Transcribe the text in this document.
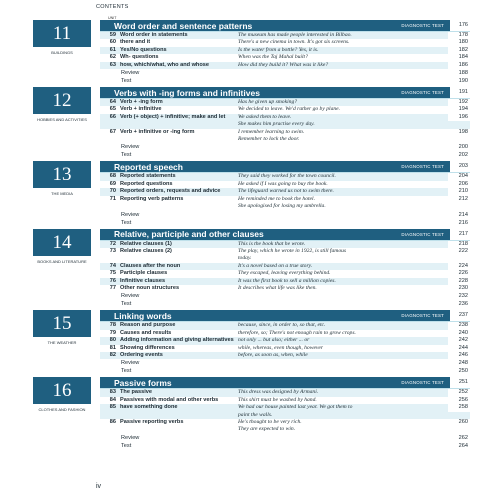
CONTENTS
UNIT
11
BUILDINGS
Word order and sentence patterns	DIAGNOSTIC TEST	176
59 Word order in statements	The museum has made people interested in Bilbao.	178
60 there and it	There's a new cinema in town. It's got six screens.	180
61 Yes/No questions	Is the water from a bottle? Yes, it is.	182
62 Wh- questions	When was the Taj Mahal built?	184
63 how, which/what, who and whose	How did they build it? What was it like?	186
Review	188
Test	190
12
HOBBIES AND ACTIVITIES
Verbs with -ing forms and infinitives	DIAGNOSTIC TEST	191
64 Verb + -ing form	Has he given up smoking?	192
65 Verb + infinitive	We decided to leave. We'd rather go by plane.	194
66 Verb (+ object) + infinitive; make and let	We asked them to leave.
She makes him practise every day.
196
67 Verb + infinitive or -ing form	I remember learning to swim.
Remember to lock the door.
198
Review	200
Test	202
13
THE MEDIA
Reported speech	DIAGNOSTIC TEST	203
68 Reported statements	They said they worked for the town council.	204
69 Reported questions	He asked if I was going to buy the book.	206
70 Reported orders, requests and advice	The lifeguard warned us not to swim there.	210
71 Reporting verb patterns	He reminded me to book the hotel.
She apologised for losing my umbrella.
212
Review	214
Test	216
14
BOOKS AND LITERATURE
Relative, participle and other clauses	DIAGNOSTIC TEST	217
72 Relative clauses (1)	This is the book that he wrote.	218
73 Relative clauses (2)	The play, which he wrote in 1922, is still famous
today.
222
74 Clauses after the noun	It's a novel based on a true story.	224
75 Participle clauses	They escaped, leaving everything behind.	226
76 Infinitive clauses	It was the first book to sell a million copies.	228
77 Other noun structures	It describes what life was like then.	230
Review	232
Test	236
15
THE WEATHER
Linking words	DIAGNOSTIC TEST	237
78 Reason and purpose	because, since, in order to, so that, etc.	238
79 Causes and results	therefore, so; There's not enough rain to grow crops.	240
80 Adding information and giving alternatives not only ... but also; either ... or	242
81 Showing differences	while, whereas, even though, however	244
82 Ordering events	before, as soon as, when, while	246
Review	248
Test	250
16
CLOTHES AND FASHION
Passive forms	DIAGNOSTIC TEST	251
83 The passive	This dress was designed by Armani.	252
84 Passives with modal and other verbs	This shirt must be washed by hand.	256
85 have something done	We had our house painted last year. We got them to
paint the walls.
258
86 Passive reporting verbs	He's thought to be very rich.
They are expected to win.
260
Review	262
Test	264
iv
